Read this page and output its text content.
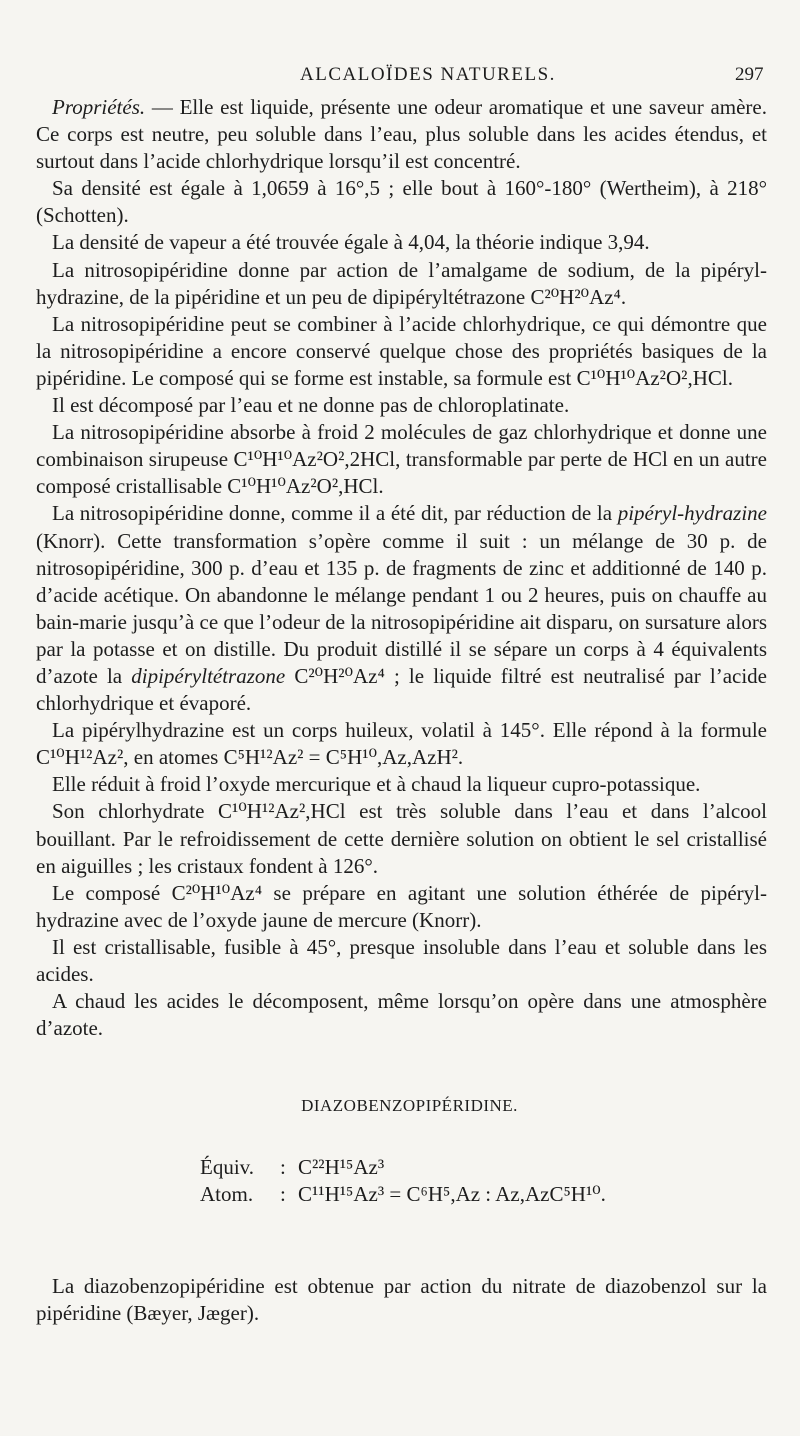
ALCALOÏDES NATURELS.	297

Propriétés. — Elle est liquide, présente une odeur aromatique et une saveur amère. Ce corps est neutre, peu soluble dans l’eau, plus soluble dans les acides étendus, et surtout dans l’acide chlorhydrique lorsqu’il est concentré.

Sa densité est égale à 1,0659 à 16°,5 ; elle bout à 160°-180° (Wertheim), à 218° (Schotten).

La densité de vapeur a été trouvée égale à 4,04, la théorie indique 3,94.

La nitrosopipéridine donne par action de l’amalgame de sodium, de la pipéryl-hydrazine, de la pipéridine et un peu de dipipéryltétrazone C²⁰H²⁰Az⁴.

La nitrosopipéridine peut se combiner à l’acide chlorhydrique, ce qui démontre que la nitrosopipéridine a encore conservé quelque chose des propriétés basiques de la pipéridine. Le composé qui se forme est instable, sa formule est C¹⁰H¹⁰Az²O²,HCl.

Il est décomposé par l’eau et ne donne pas de chloroplatinate.

La nitrosopipéridine absorbe à froid 2 molécules de gaz chlorhydrique et donne une combinaison sirupeuse C¹⁰H¹⁰Az²O²,2HCl, transformable par perte de HCl en un autre composé cristallisable C¹⁰H¹⁰Az²O²,HCl.

La nitrosopipéridine donne, comme il a été dit, par réduction de la pipéryl-hydrazine (Knorr). Cette transformation s’opère comme il suit : un mélange de 30 p. de nitrosopipéridine, 300 p. d’eau et 135 p. de fragments de zinc et additionné de 140 p. d’acide acétique. On abandonne le mélange pendant 1 ou 2 heures, puis on chauffe au bain-marie jusqu’à ce que l’odeur de la nitrosopipéridine ait disparu, on sursature alors par la potasse et on distille. Du produit distillé il se sépare un corps à 4 équivalents d’azote la dipipéryltétrazone C²⁰H²⁰Az⁴ ; le liquide filtré est neutralisé par l’acide chlorhydrique et évaporé.

La pipérylhydrazine est un corps huileux, volatil à 145°. Elle répond à la formule C¹⁰H¹²Az², en atomes C⁵H¹²Az² = C⁵H¹⁰,Az,AzH².

Elle réduit à froid l’oxyde mercurique et à chaud la liqueur cupro-potassique.

Son chlorhydrate C¹⁰H¹²Az²,HCl est très soluble dans l’eau et dans l’alcool bouillant. Par le refroidissement de cette dernière solution on obtient le sel cristallisé en aiguilles ; les cristaux fondent à 126°.

Le composé C²⁰H¹⁰Az⁴ se prépare en agitant une solution éthérée de pipéryl-hydrazine avec de l’oxyde jaune de mercure (Knorr).

Il est cristallisable, fusible à 45°, presque insoluble dans l’eau et soluble dans les acides.

A chaud les acides le décomposent, même lorsqu’on opère dans une atmosphère d’azote.

DIAZOBENZOPIPÉRIDINE.

Équiv.	: C²²H¹⁵Az³
Atom.	: C¹¹H¹⁵Az³ = C⁶H⁵,Az : Az,AzC⁵H¹⁰.

La diazobenzopipéridine est obtenue par action du nitrate de diazobenzol sur la pipéridine (Bæyer, Jæger).
